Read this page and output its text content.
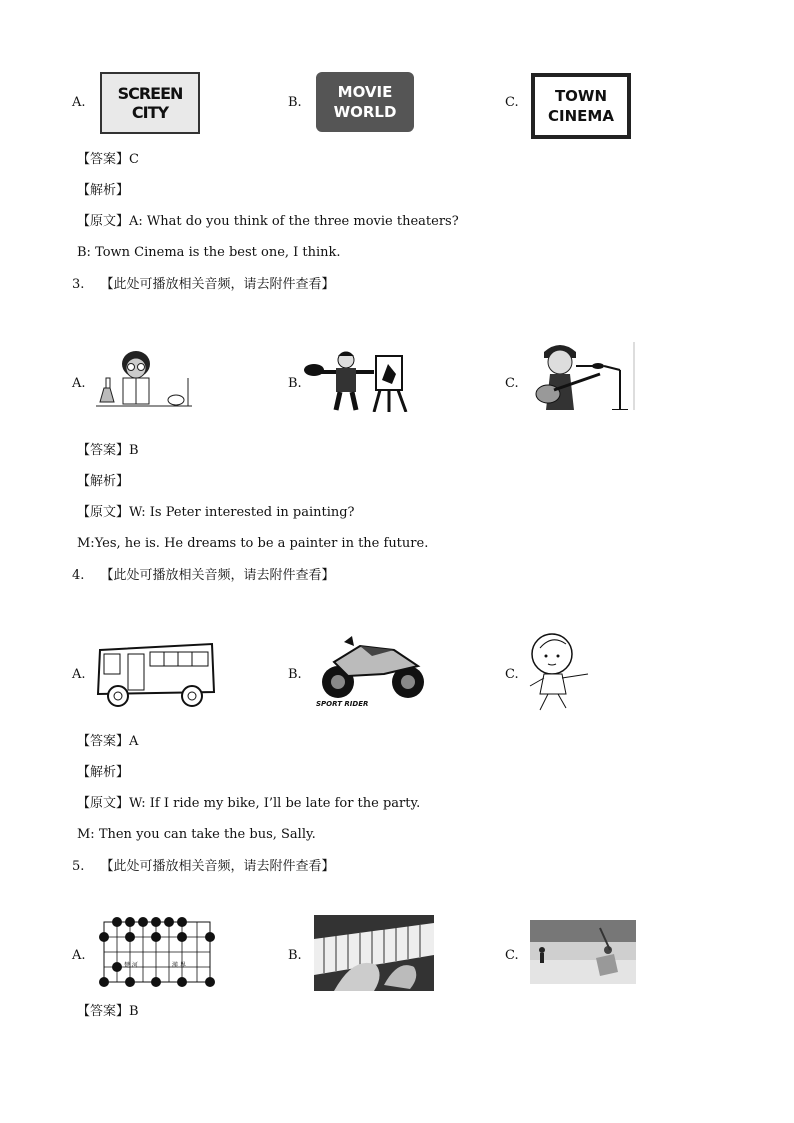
A.	SCREEN CITY
B.
MOVIE WORLD
C.	TOWN CINEMA
【答案】C
【解析】
【原文】A: What do you think of the three movie theaters?
B: Town Cinema is the best one, I think.
3. 【此处可播放相关音频，请去附件查看】
A.	B.	C.
【答案】B
【解析】
【原文】W: Is Peter interested in painting?
M:Yes, he is. He dreams to be a painter in the future.
4. 【此处可播放相关音频，请去附件查看】
A.	B.
SPORT RIDER
C.
【答案】A
【解析】
【原文】W: If I ride my bike, I’ll be late for the party.
M: Then you can take the bus, Sally.
5. 【此处可播放相关音频，请去附件查看】
A.
楚 河	漢 界
B.	C.
【答案】B
